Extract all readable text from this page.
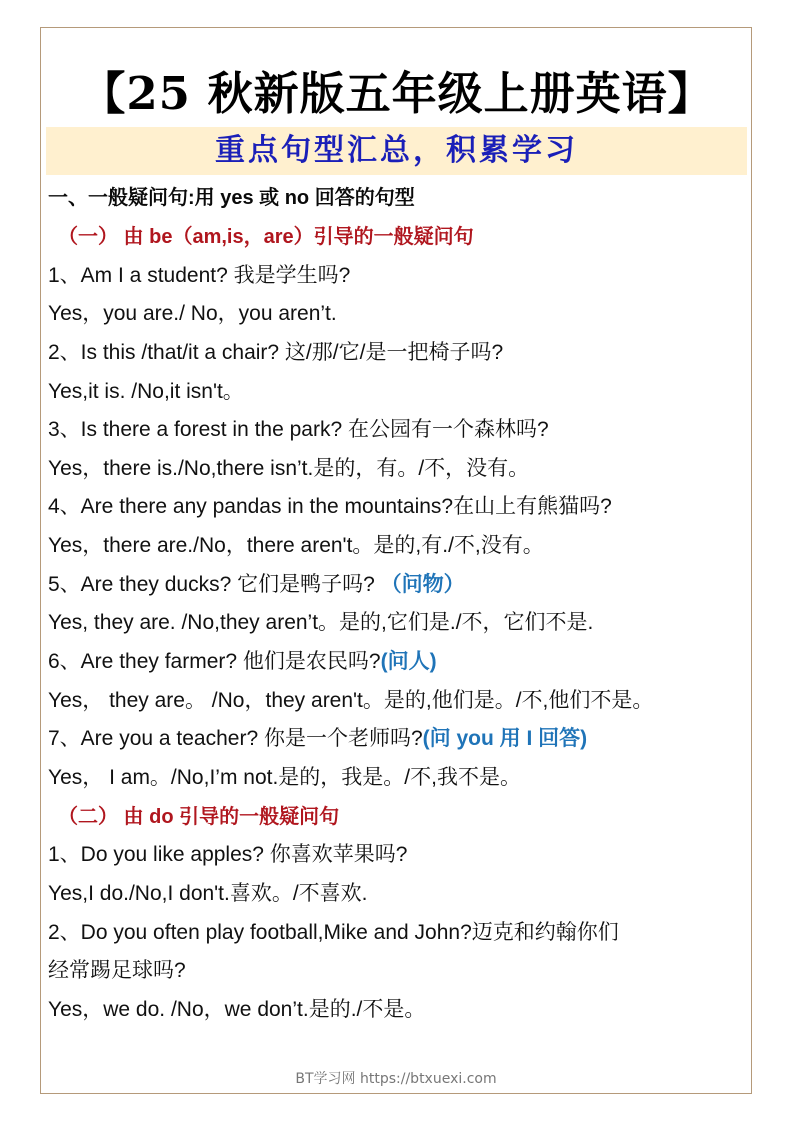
【25 秋新版五年级上册英语】
重点句型汇总，积累学习
一、一般疑问句:用 yes 或 no 回答的句型
（一） 由 be（am,is，are）引导的一般疑问句
1、Am I a student? 我是学生吗?
Yes，you are./ No，you aren’t.
2、Is this /that/it a chair? 这/那/它/是一把椅子吗?
Yes,it is. /No,it isn't。
3、Is there a forest in the park? 在公园有一个森林吗?
Yes，there is./No,there isn’t.是的，有。/不，没有。
4、Are there any pandas in the mountains?在山上有熊猫吗?
Yes，there are./No，there aren't。是的,有./不,没有。
5、Are they ducks? 它们是鸭子吗? （问物）
Yes, they are. /No,they aren’t。是的,它们是./不，它们不是.
6、Are they farmer? 他们是农民吗?(问人)
Yes， they are。 /No，they aren't。是的,他们是。/不,他们不是。
7、Are you a teacher? 你是一个老师吗?(问 you 用 I 回答)
Yes， I am。/No,I’m not.是的，我是。/不,我不是。
（二） 由 do 引导的一般疑问句
1、Do you like apples? 你喜欢苹果吗?
Yes,I do./No,I don't.喜欢。/不喜欢.
2、Do you often play football,Mike and John?迈克和约翰你们
经常踢足球吗?
Yes，we do. /No，we don’t.是的./不是。
BT学习网 https://btxuexi.com
